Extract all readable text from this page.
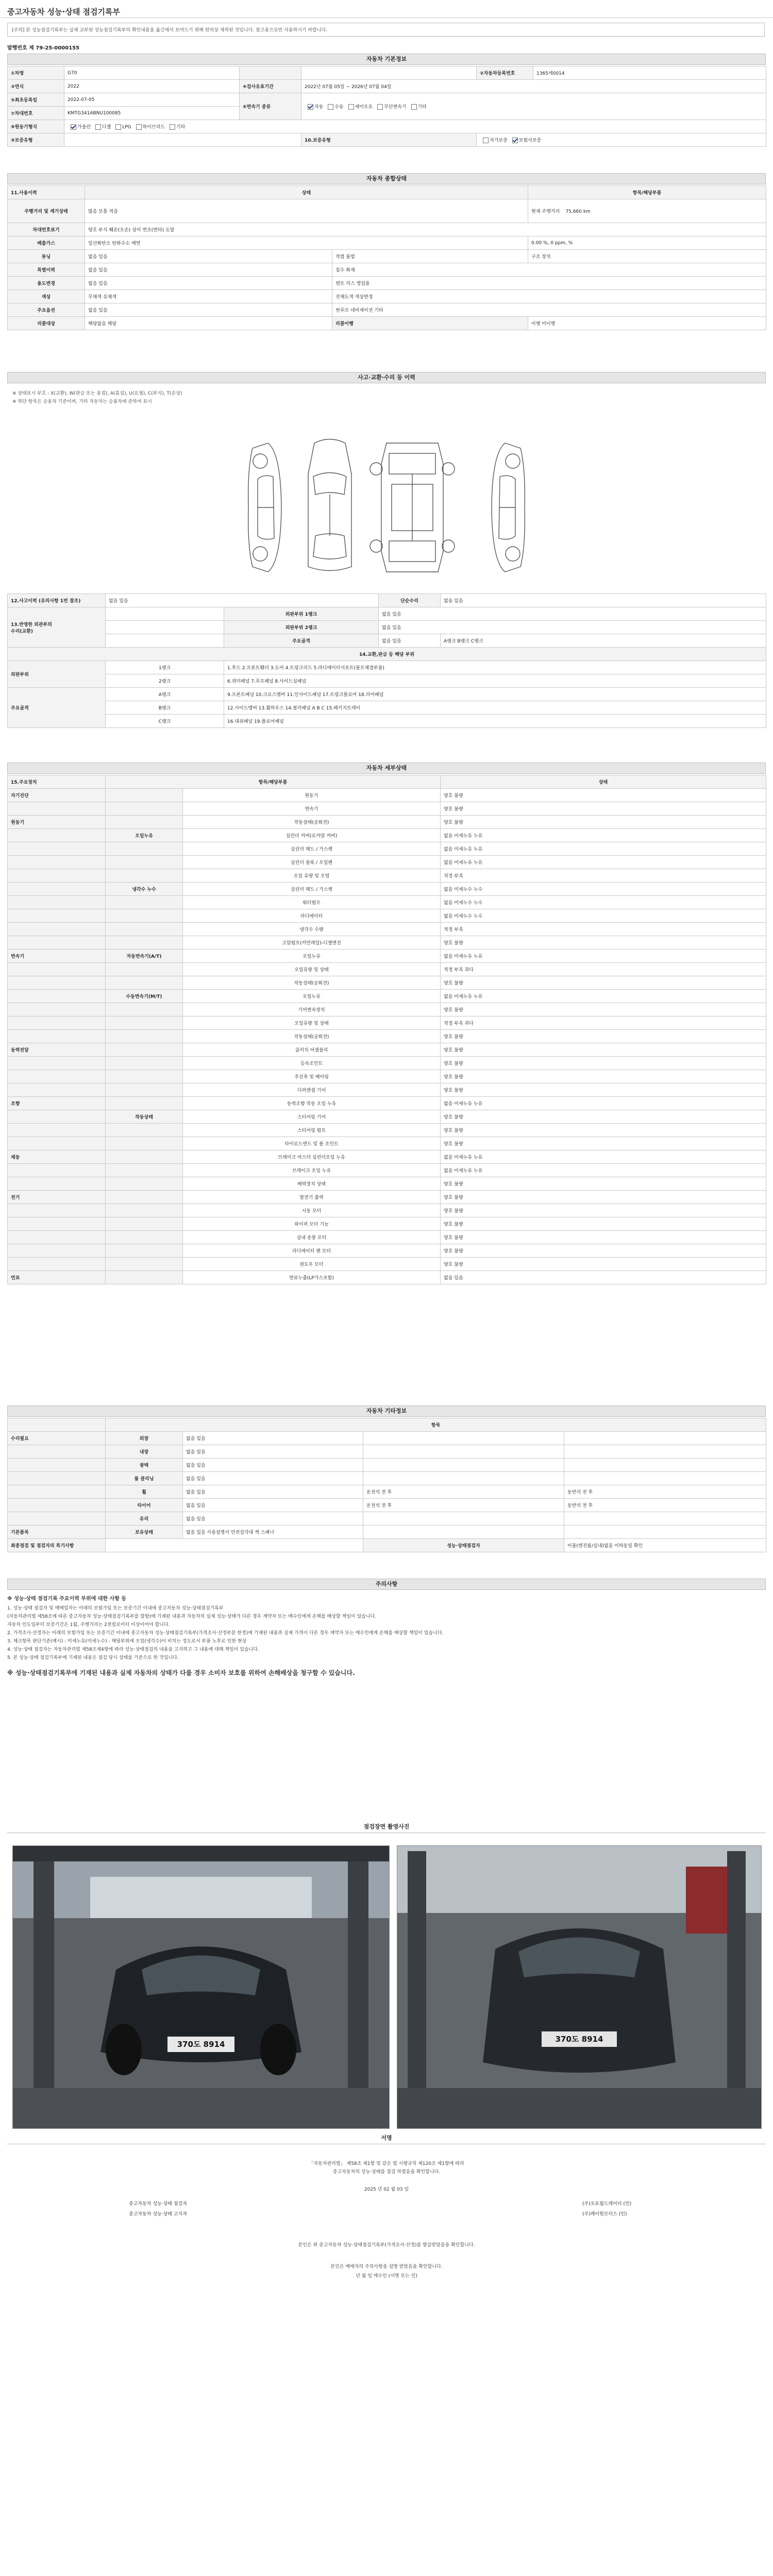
중고자동차 성능·상태 점검기록부
[주의] 본 성능점검기록부는 실제 교부된 성능점검기록부의 확인내용을 옮긴에서 보여드기 위해 편의상 재작된 것입니다. 참고용으로만 사용하시기 바랍니다.
발행번호 제 79-25-0000155
자동차 기본정보
①차명	G70			②자동차등록번호	1365세0014
③연식	2022	④검사유효기간	2022년 07월 05일 ~ 2026년 07월 04일		
⑤최초등록일	2022-07-05	⑥변속기 종류	자동 수동 세미오토 무단변속기 기타		
⑦차대번호	KMTG341ABNU100085				
⑧원동기형식	가솔린 디젤 LPG 하이브리드 기타				
⑨보증유형			10.보증유형	자가보증 보험사보증	
자동차 종합상태
11.사용이력	상태		항목/해당부품
주행거리 및 계기상태	많음 보통 적음		현재 주행거리 75,660 km
차대번호표기	양호 부식 훼손(오손) 상이 변조(변타) 도말		
배출가스	일산화탄소 탄화수소 매연		0.00 %, 0 ppm, %
튜닝	없음 있음	적법 불법	구조 장치
특별이력	없음 있음	침수 화재	
용도변경	없음 있음	렌트 리스 영업용	
색상	무채색 유채색	전체도색 색상변경	
주요옵션	없음 있음	썬루프 네비게이션 기타	
리콜대상	해당없음 해당	리콜이행	이행 미이행
사고·교환·수리 등 이력
※ 상태표시 부호 : X(교환), W(판금 또는 용접), A(흠집), U(요철), C(부식), T(손상)
※ 하단 항목은 승용차 기준이며, 기타 자동차는 승용차에 준하여 표시
12.사고이력 (유의사항 1번 참조)	없음 있음		단순수리	없음 있음
13.반영한 외관부의
수리(교환)		외판부위 1랭크	없음 있음	
		외판부위 2랭크	없음 있음	
		주요골격	없음 있음	A랭크 B랭크 C랭크
14.교환,판금 등 해당 부위				
외판부위	1랭크	1.후드 2.프론트휀더 3.도어 4.트렁크리드 5.라디에이터서포트(볼트체결부품)		
	2랭크	6.쿼터패널 7.루프패널 8.사이드실패널		
주요골격	A랭크	9.프론트패널 10.크로스멤버 11.인사이드패널 17.트렁크플로어 18.리어패널		
	B랭크	12.사이드멤버 13.휠하우스 14.필러패널 A B C 15.패키지트레이		
	C랭크	16.대쉬패널 19.플로어패널		
자동차 세부상태
15.주요장치	항목/해당부품		상태
자기진단		원동기	양호 불량
		변속기	양호 불량
원동기		작동상태(공회전)	양호 불량
	오일누유	실린더 커버(로커암 커버)	없음 미세누유 누유
		실린더 헤드 / 가스켓	없음 미세누유 누유
		실린더 블록 / 오일팬	없음 미세누유 누유
		오일 유량 및 오염	적정 부족
	냉각수 누수	실린더 헤드 / 가스켓	없음 미세누수 누수
		워터펌프	없음 미세누수 누수
		라디에이터	없음 미세누수 누수
		냉각수 수량	적정 부족
		고압펌프(커먼레일)-디젤엔진	양호 불량
변속기	자동변속기(A/T)	오일누유	없음 미세누유 누유
		오일유량 및 상태	적정 부족 과다
		작동상태(공회전)	양호 불량
	수동변속기(M/T)	오일누유	없음 미세누유 누유
		기어변속장치	양호 불량
		오일유량 및 상태	적정 부족 과다
		작동상태(공회전)	양호 불량
동력전달		클러치 어셈블리	양호 불량
		등속조인트	양호 불량
		추진축 및 베어링	양호 불량
		디퍼렌셜 기어	양호 불량
조향		동력조향 작동 오일 누유	없음 미세누유 누유
	작동상태	스티어링 기어	양호 불량
		스티어링 펌프	양호 불량
		타이로드엔드 및 볼 조인트	양호 불량
제동		브레이크 마스터 실린더오일 누유	없음 미세누유 누유
		브레이크 오일 누유	없음 미세누유 누유
		배력장치 상태	양호 불량
전기		발전기 출력	양호 불량
		시동 모터	양호 불량
		와이퍼 모터 기능	양호 불량
		실내 송풍 모터	양호 불량
		라디에이터 팬 모터	양호 불량
		윈도우 모터	양호 불량
연료		연료누출(LP가스포함)	없음 있음
자동차 기타정보
	항목			
수리필요	외장	없음 있음		
	내장	없음 있음		
	광택	없음 있음		
	룸 클리닝	없음 있음		
	휠	없음 있음	운전석 전 후	동반석 전 후
	타이어	없음 있음	운전석 전 후	동반석 전 후
	유리	없음 있음		
기본품목	보유상태	없음 있음 사용설명서 안전삼각대 잭 스패너		
최종점검 및 점검자의 특기사항			성능·상태점검자	이물(엔진룸/실내)없음 이하동일 확인
주의사항

※ 성능·상태 점검기록 주요이력 부위에 대한 사항 등

1. 성능·상태 점검자 및 매매업자는 아래의 보험가입 또는 보증기간 이내에 중고자동차 성능·상태점검기록부

(자동차관리법 제58조에 따른 중고자동차 성능·상태점검기록부를 말함)에 기재된 내용과 자동차의 실제 성능·상태가 다른 경우 계약자 또는 매수인에게 손해를 배상할 책임이 있습니다.

자동차 인도일부터 보증기간은 1월, 주행거리는 2천킬로미터 이상이어야 합니다.

2. 가격조사·산정자는 아래의 보험가입 또는 보증기간 이내에 중고자동차 성능·상태점검기록부(가격조사·산정부분 한정)에 기재된 내용과 실제 가격이 다른 경우 계약자 또는 매수인에게 손해를 배상할 책임이 있습니다.

3. 체크항목 판단기준(예시) : 미세누유(미세누수) - 해당부위에 오일(냉각수)이 비치는 정도로서 부품 노후로 인한 현상

4. 성능·상태 점검자는 자동차관리법 제58조제4항에 따라 성능·상태점검의 내용을 고지하고 그 내용에 대해 책임이 있습니다.

5. 본 성능·상태 점검기록부에 기재된 내용은 점검 당시 상태를 기준으로 한 것입니다.

※ 성능·상태점검기록부에 기재된 내용과 실제 자동차의 상태가 다를 경우 소비자 보호를 위하여 손해배상을 청구할 수 있습니다.

점검장면 촬영사진
370도 8914
370도 8914
서명
「자동차관리법」 제58조 제1항 및 같은 법 시행규칙 제120조 제1항에 따라
중고자동차의 성능·상태를 점검 하였음을 확인합니다.
2025 년 02 월 03 일
중고자동차 성능·상태 점검자	(주)오토월드레이더 (인)
중고자동차 성능·상태 고지자	(주)케이원모터스 (인)
본인은 위 중고자동차 성능·상태점검기록부(가격조사·산정)를 발급받았음을 확인합니다.
본인은 매매자의 주의사항을 설명 받았음을 확인합니다.
년 월 일 매수인 (서명 또는 인)
